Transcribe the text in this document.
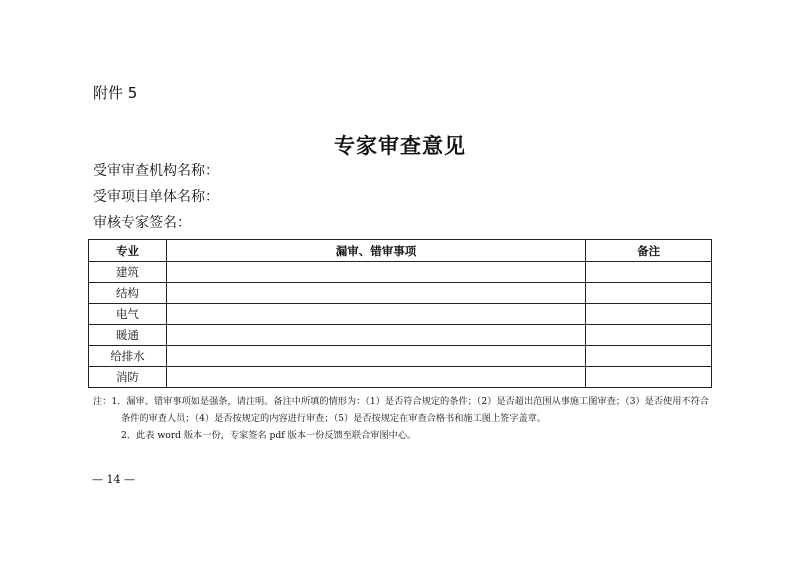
附件 5
专家审查意见
受审审查机构名称：
受审项目单体名称：
审核专家签名：
专业	漏审、错审事项	备注
建筑		
结构		
电气		
暖通		
给排水		
消防		
注：1．漏审、错审事项如是强条，请注明。备注中所填的情形为：（1）是否符合规定的条件；（2）是否超出范围从事施工图审查；（3）是否使用不符合条件的审查人员；（4）是否按规定的内容进行审查；（5）是否按规定在审查合格书和施工图上签字盖章。
2．此表 word 版本一份，专家签名 pdf 版本一份反馈至联合审图中心。
— 14 —
